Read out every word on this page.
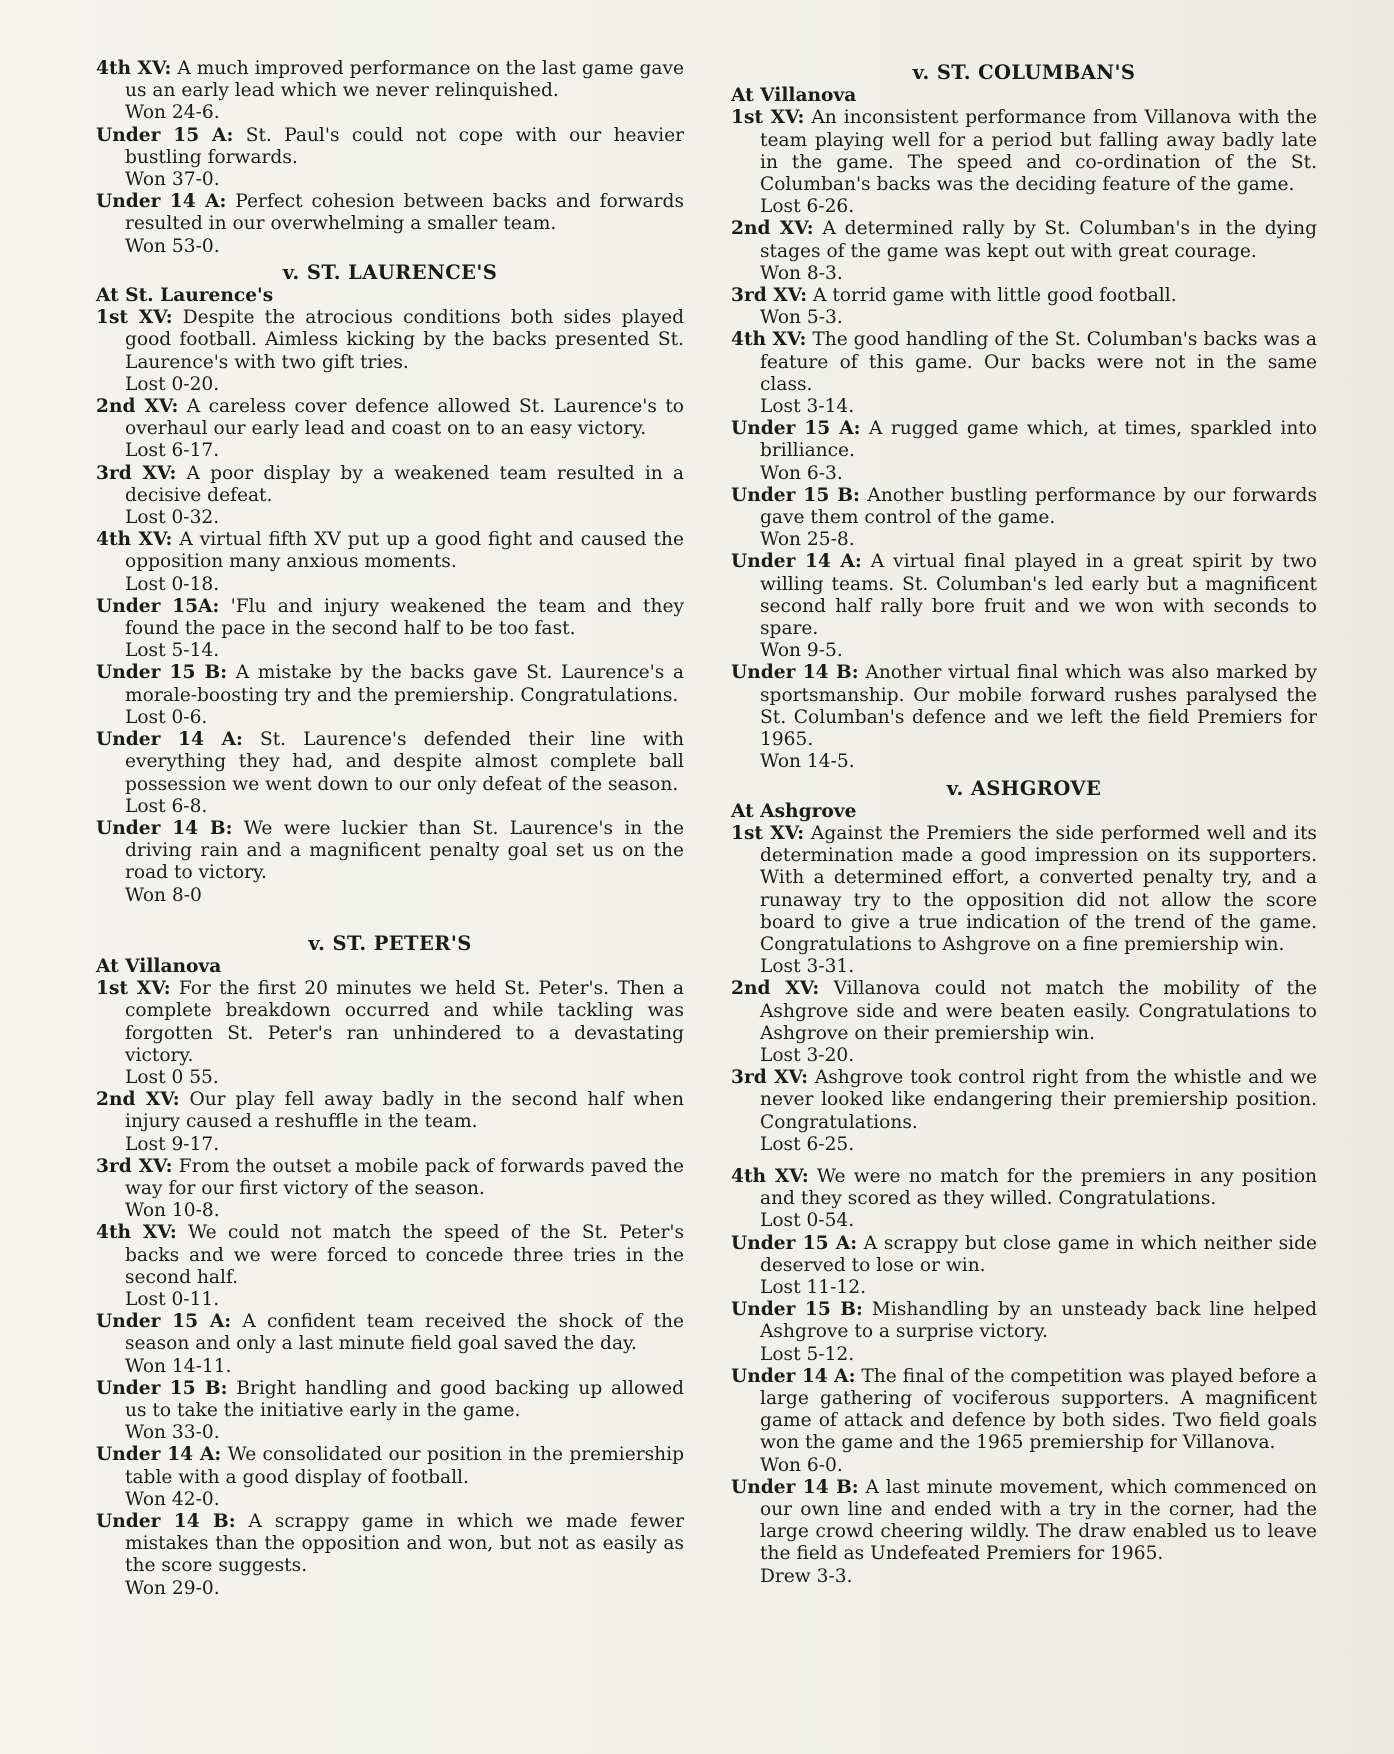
4th XV: A much improved performance on the last game gave us an early lead which we never relinquished.
Won 24-6.
Under 15 A: St. Paul's could not cope with our heavier bustling forwards.
Won 37-0.
Under 14 A: Perfect cohesion between backs and forwards resulted in our overwhelming a smaller team.
Won 53-0.
v. ST. LAURENCE'S
At St. Laurence's
1st XV: Despite the atrocious conditions both sides played good football. Aimless kicking by the backs presented St. Laurence's with two gift tries.
Lost 0-20.
2nd XV: A careless cover defence allowed St. Laurence's to overhaul our early lead and coast on to an easy victory.
Lost 6-17.
3rd XV: A poor display by a weakened team resulted in a decisive defeat.
Lost 0-32.
4th XV: A virtual fifth XV put up a good fight and caused the opposition many anxious moments.
Lost 0-18.
Under 15A: 'Flu and injury weakened the team and they found the pace in the second half to be too fast.
Lost 5-14.
Under 15 B: A mistake by the backs gave St. Laurence's a morale-boosting try and the premiership. Congratulations.
Lost 0-6.
Under 14 A: St. Laurence's defended their line with everything they had, and despite almost complete ball possession we went down to our only defeat of the season.
Lost 6-8.
Under 14 B: We were luckier than St. Laurence's in the driving rain and a magnificent penalty goal set us on the road to victory.
Won 8-0
v. ST. PETER'S
At Villanova
1st XV: For the first 20 minutes we held St. Peter's. Then a complete breakdown occurred and while tackling was forgotten St. Peter's ran unhindered to a devastating victory.
Lost 0 55.
2nd XV: Our play fell away badly in the second half when injury caused a reshuffle in the team.
Lost 9-17.
3rd XV: From the outset a mobile pack of forwards paved the way for our first victory of the season.
Won 10-8.
4th XV: We could not match the speed of the St. Peter's backs and we were forced to concede three tries in the second half.
Lost 0-11.
Under 15 A: A confident team received the shock of the season and only a last minute field goal saved the day.
Won 14-11.
Under 15 B: Bright handling and good backing up allowed us to take the initiative early in the game.
Won 33-0.
Under 14 A: We consolidated our position in the premiership table with a good display of football.
Won 42-0.
Under 14 B: A scrappy game in which we made fewer mistakes than the opposition and won, but not as easily as the score suggests.
Won 29-0.
v. ST. COLUMBAN'S
At Villanova
1st XV: An inconsistent performance from Villanova with the team playing well for a period but falling away badly late in the game. The speed and co-ordination of the St. Columban's backs was the deciding feature of the game.
Lost 6-26.
2nd XV: A determined rally by St. Columban's in the dying stages of the game was kept out with great courage.
Won 8-3.
3rd XV: A torrid game with little good football.
Won 5-3.
4th XV: The good handling of the St. Columban's backs was a feature of this game. Our backs were not in the same class.
Lost 3-14.
Under 15 A: A rugged game which, at times, sparkled into brilliance.
Won 6-3.
Under 15 B: Another bustling performance by our forwards gave them control of the game.
Won 25-8.
Under 14 A: A virtual final played in a great spirit by two willing teams. St. Columban's led early but a magnificent second half rally bore fruit and we won with seconds to spare.
Won 9-5.
Under 14 B: Another virtual final which was also marked by sportsmanship. Our mobile forward rushes paralysed the St. Columban's defence and we left the field Premiers for 1965.
Won 14-5.
v. ASHGROVE
At Ashgrove
1st XV: Against the Premiers the side performed well and its determination made a good impression on its supporters. With a determined effort, a converted penalty try, and a runaway try to the opposition did not allow the score board to give a true indication of the trend of the game. Congratulations to Ashgrove on a fine premiership win.
Lost 3-31.
2nd XV: Villanova could not match the mobility of the Ashgrove side and were beaten easily. Congratulations to Ashgrove on their premiership win.
Lost 3-20.
3rd XV: Ashgrove took control right from the whistle and we never looked like endangering their premiership position. Congratulations.
Lost 6-25.
4th XV: We were no match for the premiers in any position and they scored as they willed. Congratulations.
Lost 0-54.
Under 15 A: A scrappy but close game in which neither side deserved to lose or win.
Lost 11-12.
Under 15 B: Mishandling by an unsteady back line helped Ashgrove to a surprise victory.
Lost 5-12.
Under 14 A: The final of the competition was played before a large gathering of vociferous supporters. A magnificent game of attack and defence by both sides. Two field goals won the game and the 1965 premiership for Villanova.
Won 6-0.
Under 14 B: A last minute movement, which commenced on our own line and ended with a try in the corner, had the large crowd cheering wildly. The draw enabled us to leave the field as Undefeated Premiers for 1965.
Drew 3-3.
